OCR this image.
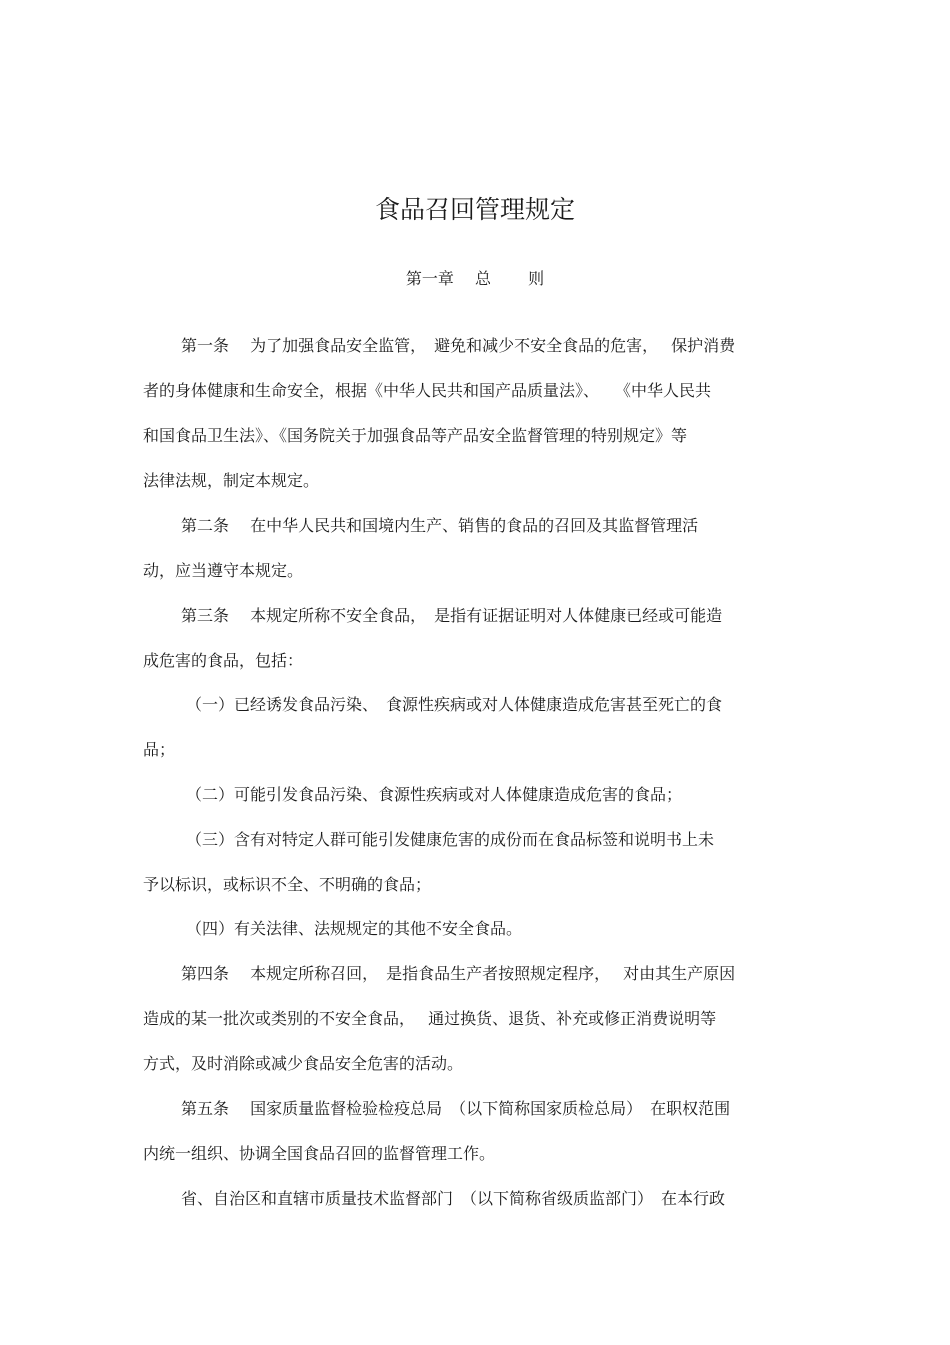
食品召回管理规定
第一章　 总　　 则

第一条　 为了加强食品安全监管，　避免和减少不安全食品的危害，　 保护消费

者的身体健康和生命安全，根据《中华人民共和国产品质量法》、　　《中华人民共

和国食品卫生法》、《国务院关于加强食品等产品安全监督管理的特别规定》等

法律法规，制定本规定。

第二条　 在中华人民共和国境内生产、销售的食品的召回及其监督管理活

动，应当遵守本规定。

第三条　 本规定所称不安全食品，　是指有证据证明对人体健康已经或可能造

成危害的食品，包括：

（一）已经诱发食品污染、　食源性疾病或对人体健康造成危害甚至死亡的食

品；

（二）可能引发食品污染、食源性疾病或对人体健康造成危害的食品；

（三）含有对特定人群可能引发健康危害的成份而在食品标签和说明书上未

予以标识，或标识不全、不明确的食品；

（四）有关法律、法规规定的其他不安全食品。

第四条　 本规定所称召回，　是指食品生产者按照规定程序，　 对由其生产原因

造成的某一批次或类别的不安全食品，　 通过换货、退货、补充或修正消费说明等

方式，及时消除或减少食品安全危害的活动。

第五条　 国家质量监督检验检疫总局　（以下简称国家质检总局）　在职权范围

内统一组织、协调全国食品召回的监督管理工作。

省、自治区和直辖市质量技术监督部门　（以下简称省级质监部门）　在本行政
